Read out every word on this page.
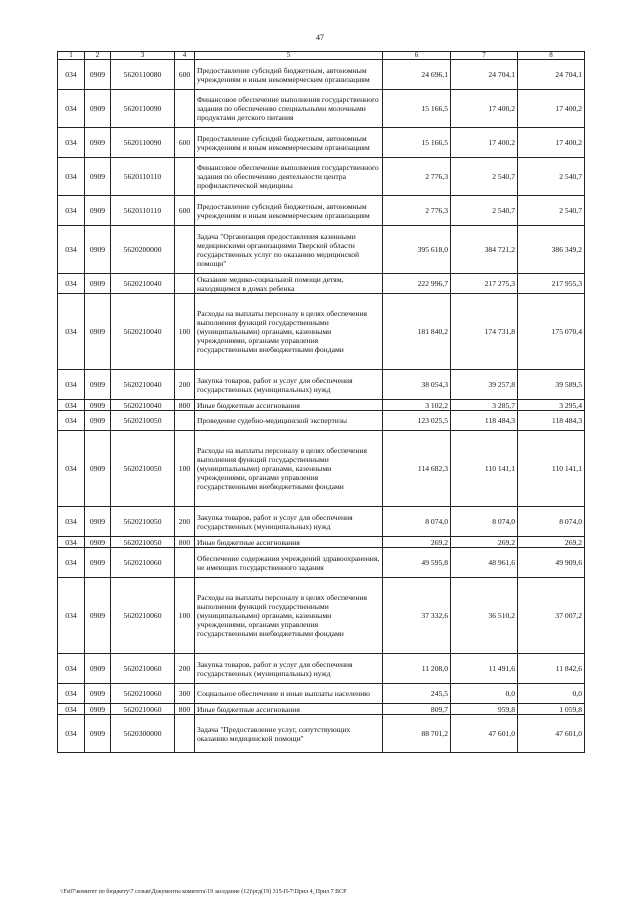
47
1	2	3	4	5	6	7	8
034	0909	5620110080	600	Предоставление субсидий бюджетным, автономным учреждениям и иным некоммерческим организациям	24 696,1	24 704,1	24 704,1
034	0909	5620110090		Финансовое обеспечение выполнения государственного задания по обеспечению специальными молочными продуктами детского питания	15 166,5	17 400,2	17 400,2
034	0909	5620110090	600	Предоставление субсидий бюджетным, автономным учреждениям и иным некоммерческим организациям	15 166,5	17 400,2	17 400,2
034	0909	5620110110		Финансовое обеспечение выполнения государственного задания по обеспечению деятельности центра профилактической медицины	2 776,3	2 540,7	2 540,7
034	0909	5620110110	600	Предоставление субсидий бюджетным, автономным учреждениям и иным некоммерческим организациям	2 776,3	2 540,7	2 540,7
034	0909	5620200000		Задача "Организация предоставления казенными медицинскими организациями Тверской области государственных услуг по оказанию медицинской помощи"	395 618,0	384 721,2	386 349,2
034	0909	5620210040		Оказание медико-социальной помощи детям, находящимся в домах ребенка	222 996,7	217 275,3	217 955,3
034	0909	5620210040	100	Расходы на выплаты персоналу в целях обеспечения выполнения функций государственными (муниципальными) органами, казенными учреждениями, органами управления государственными внебюджетными фондами	181 840,2	174 731,8	175 070,4
034	0909	5620210040	200	Закупка товаров, работ и услуг для обеспечения государственных (муниципальных) нужд	38 054,3	39 257,8	39 589,5
034	0909	5620210040	800	Иные бюджетные ассигнования	3 102,2	3 285,7	3 295,4
034	0909	5620210050		Проведение судебно-медицинской экспертизы	123 025,5	118 484,3	118 484,3
034	0909	5620210050	100	Расходы на выплаты персоналу в целях обеспечения выполнения функций государственными (муниципальными) органами, казенными учреждениями, органами управления государственными внебюджетными фондами	114 682,3	110 141,1	110 141,1
034	0909	5620210050	200	Закупка товаров, работ и услуг для обеспечения государственных (муниципальных) нужд	8 074,0	8 074,0	8 074,0
034	0909	5620210050	800	Иные бюджетные ассигнования	269,2	269,2	269,2
034	0909	5620210060		Обеспечение содержания учреждений здравоохранения, не имеющих государственного задания	49 595,8	48 961,6	49 909,6
034	0909	5620210060	100	Расходы на выплаты персоналу в целях обеспечения выполнения функций государственными (муниципальными) органами, казенными учреждениями, органами управления государственными внебюджетными фондами	37 332,6	36 510,2	37 007,2
034	0909	5620210060	200	Закупка товаров, работ и услуг для обеспечения государственных (муниципальных) нужд	11 208,0	11 491,6	11 842,6
034	0909	5620210060	300	Социальное обеспечение и иные выплаты населению	245,5	0,0	0,0
034	0909	5620210060	800	Иные бюджетные ассигнования	809,7	959,8	1 059,8
034	0909	5620300000		Задача "Предоставление услуг, сопутствующих оказанию медицинской помощи"	88 701,2	47 601,0	47 601,0
\\Fs07\комитет по бюджету\7 созыв\Документы комитета\19 заседание (12)\ргд(19) 315-П-7\Прил 4_Прил 7 ВСР
